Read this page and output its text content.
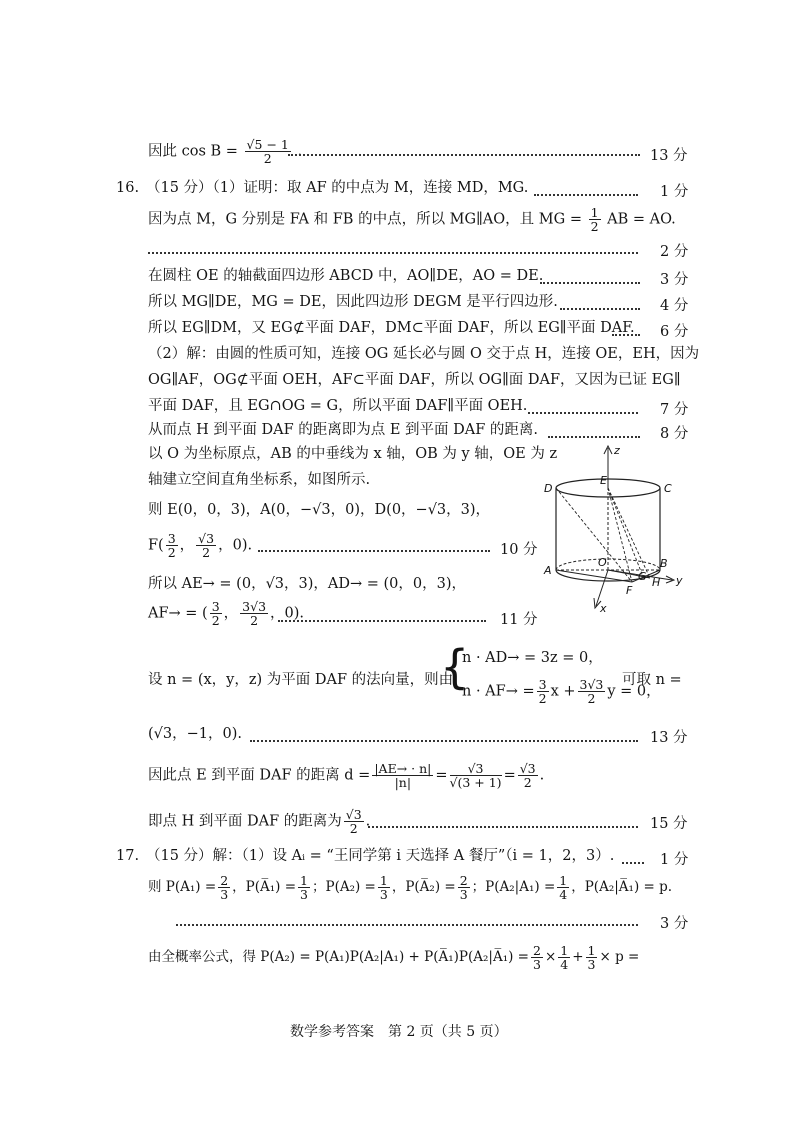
因此 $\cos B = \frac{√5 - 1}{2}$ .	13 分
16. （15 分）（1）证明：取 AF 的中点为 M，连接 MD，MG.	1 分
因为点 M，G 分别是 FA 和 FB 的中点，所以 MG∥AO，且 MG = $\frac{1}{2}$ AB = AO.
2 分
在圆柱 OE 的轴截面四边形 ABCD 中，AO∥DE，AO = DE.	3 分
所以 MG∥DE，MG = DE，因此四边形 DEGM 是平行四边形.	4 分
所以 EG∥DM，又 EG⊄平面 DAF，DM⊂平面 DAF，所以 EG∥平面 DAF. 6 分
（2）解：由圆的性质可知，连接 OG 延长必与圆 O 交于点 H，连接 OE，EH，因为
OG∥AF，OG⊄平面 OEH，AF⊂平面 DAF，所以 OG∥面 DAF，又因为已证 EG∥
平面 DAF，且 EG∩OG = G，所以平面 DAF∥平面 OEH.	7 分
从而点 H 到平面 DAF 的距离即为点 E 到平面 DAF 的距离.	8 分
以 O 为坐标原点，AB 的中垂线为 x 轴，OB 为 y 轴，OE 为 z
轴建立空间直角坐标系，如图所示.
则 E(0，0，3)，A(0，−√3，0)，D(0，−√3，3)，
$F( \frac{3}{2}$ ， $\frac{√3}{2}$ ，0).	10 分
所以 AE→ = (0，√3，3)，AD→ = (0，0，3)，
AF→ = ( $\frac{3}{2}$ ， $\frac{3√3}{2}$ ，0).	11 分
设 n = (x，y，z) 为平面 DAF 的法向量，则由
{
n · AD→ = 3z = 0，
$n \cdot AF\to = \frac{3}{2}$ $x + \frac{3√3}{2}$ y = 0，
可取 n =
(√3，−1，0).	13 分
因此点 E 到平面 DAF 的距离 $d = \frac{|AE\to \cdot n|}{|n|} = \frac{√3}{√(3 + 1)} = \frac{√3}{2}$ .
即点 H 到平面 DAF 的距离为 $\frac{√3}{2}$ .	15 分
17. （15 分）解：（1）设 Aᵢ = “王同学第 i 天选择 A 餐厅”（i = 1，2，3）.	1 分
则 $P(A_1) = \frac{2}{3}$ ，P(A̅₁) = $\frac{1}{3}$ ；$P(A_2) = \frac{1}{3}$ ，P(A̅₂) = $\frac{2}{3}$ ；$P(A_2|A_1) = \frac{1}{4}$ ，P(A₂|A̅₁) = p.
3 分
由全概率公式，得 P(A₂) = P(A₁)P(A₂|A₁) + P(A̅₁)P(A₂|A̅₁) = $\frac{2}{3} \times \frac{1}{4} + \frac{1}{3} \times p$ =
数学参考答案　第 2 页（共 5 页）
D
E
C
A
O
G
B
F
H
z
y
x
